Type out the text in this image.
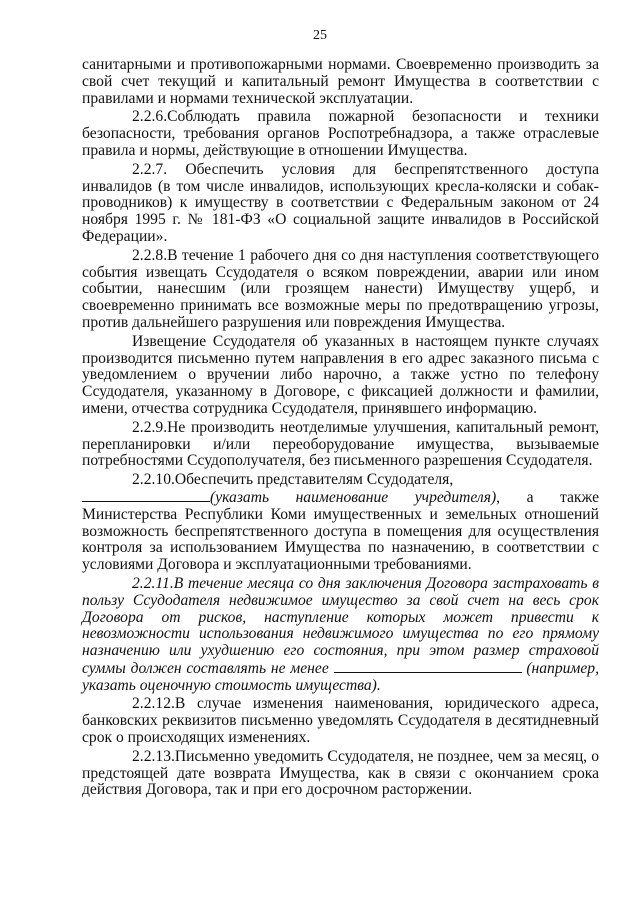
25

санитарными и противопожарными нормами. Своевременно производить за свой счет текущий и капитальный ремонт Имущества в соответствии с правилами и нормами технической эксплуатации.

2.2.6.Соблюдать правила пожарной безопасности и техники безопасности, требования органов Роспотребнадзора, а также отраслевые правила и нормы, действующие в отношении Имущества.

2.2.7. Обеспечить условия для беспрепятственного доступа инвалидов (в том числе инвалидов, использующих кресла-коляски и собак-проводников) к имуществу в соответствии с Федеральным законом от 24 ноября 1995 г. № 181-ФЗ «О социальной защите инвалидов в Российской Федерации».

2.2.8.В течение 1 рабочего дня со дня наступления соответствующего события извещать Ссудодателя о всяком повреждении, аварии или ином событии, нанесшим (или грозящем нанести) Имуществу ущерб, и своевременно принимать все возможные меры по предотвращению угрозы, против дальнейшего разрушения или повреждения Имущества.

Извещение Ссудодателя об указанных в настоящем пункте случаях производится письменно путем направления в его адрес заказного письма с уведомлением о вручении либо нарочно, а также устно по телефону Ссудодателя, указанному в Договоре, с фиксацией должности и фамилии, имени, отчества сотрудника Ссудодателя, принявшего информацию.

2.2.9.Не производить неотделимые улучшения, капитальный ремонт, перепланировки и/или переоборудование имущества, вызываемые потребностями Ссудополучателя, без письменного разрешения Ссудодателя.

2.2.10.Обеспечить представителям Ссудодателя,
(указать наименование учредителя), а также Министерства Республики Коми имущественных и земельных отношений возможность беспрепятственного доступа в помещения для осуществления контроля за использованием Имущества по назначению, в соответствии с условиями Договора и эксплуатационными требованиями.

2.2.11.В течение месяца со дня заключения Договора застраховать в пользу Ссудодателя недвижимое имущество за свой счет на весь срок Договора от рисков, наступление которых может привести к невозможности использования недвижимого имущества по его прямому назначению или ухудшению его состояния, при этом размер страховой суммы должен составлять не менее	(например, указать оценочную стоимость имущества).

2.2.12.В случае изменения наименования, юридического адреса, банковских реквизитов письменно уведомлять Ссудодателя в десятидневный срок о происходящих изменениях.

2.2.13.Письменно уведомить Ссудодателя, не позднее, чем за месяц, о предстоящей дате возврата Имущества, как в связи с окончанием срока действия Договора, так и при его досрочном расторжении.
